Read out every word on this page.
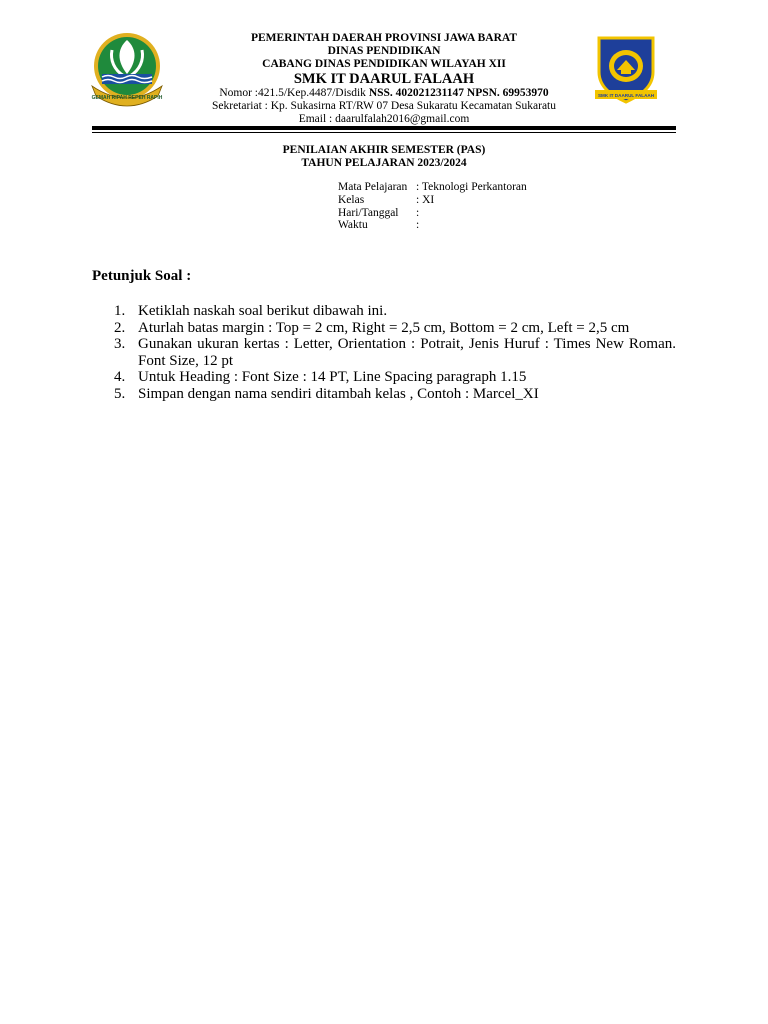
GEMAH RIPAH REPEH RAPIH
PEMERINTAH DAERAH PROVINSI JAWA BARAT
DINAS PENDIDIKAN
CABANG DINAS PENDIDIKAN WILAYAH XII
SMK IT DAARUL FALAAH
Nomor :421.5/Kep.4487/Disdik NSS. 402021231147 NPSN. 69953970
Sekretariat : Kp. Sukasirna RT/RW 07 Desa Sukaratu Kecamatan Sukaratu
Email : daarulfalah2016@gmail.com
SMK IT DAARUL FALAAH
PENILAIAN AKHIR SEMESTER (PAS)
TAHUN PELAJARAN 2023/2024
Mata Pelajaran : Teknologi Perkantoran
Kelas	: XI
Hari/Tanggal	:
Waktu	:
Petunjuk Soal :
1. Ketiklah naskah soal berikut dibawah ini.
2. Aturlah batas margin : Top = 2 cm, Right = 2,5 cm, Bottom = 2 cm, Left = 2,5 cm
3. Gunakan ukuran kertas : Letter, Orientation : Potrait, Jenis Huruf : Times New Roman. Font Size, 12 pt
4. Untuk Heading : Font Size : 14 PT, Line Spacing paragraph 1.15
5. Simpan dengan nama sendiri ditambah kelas , Contoh : Marcel_XI
